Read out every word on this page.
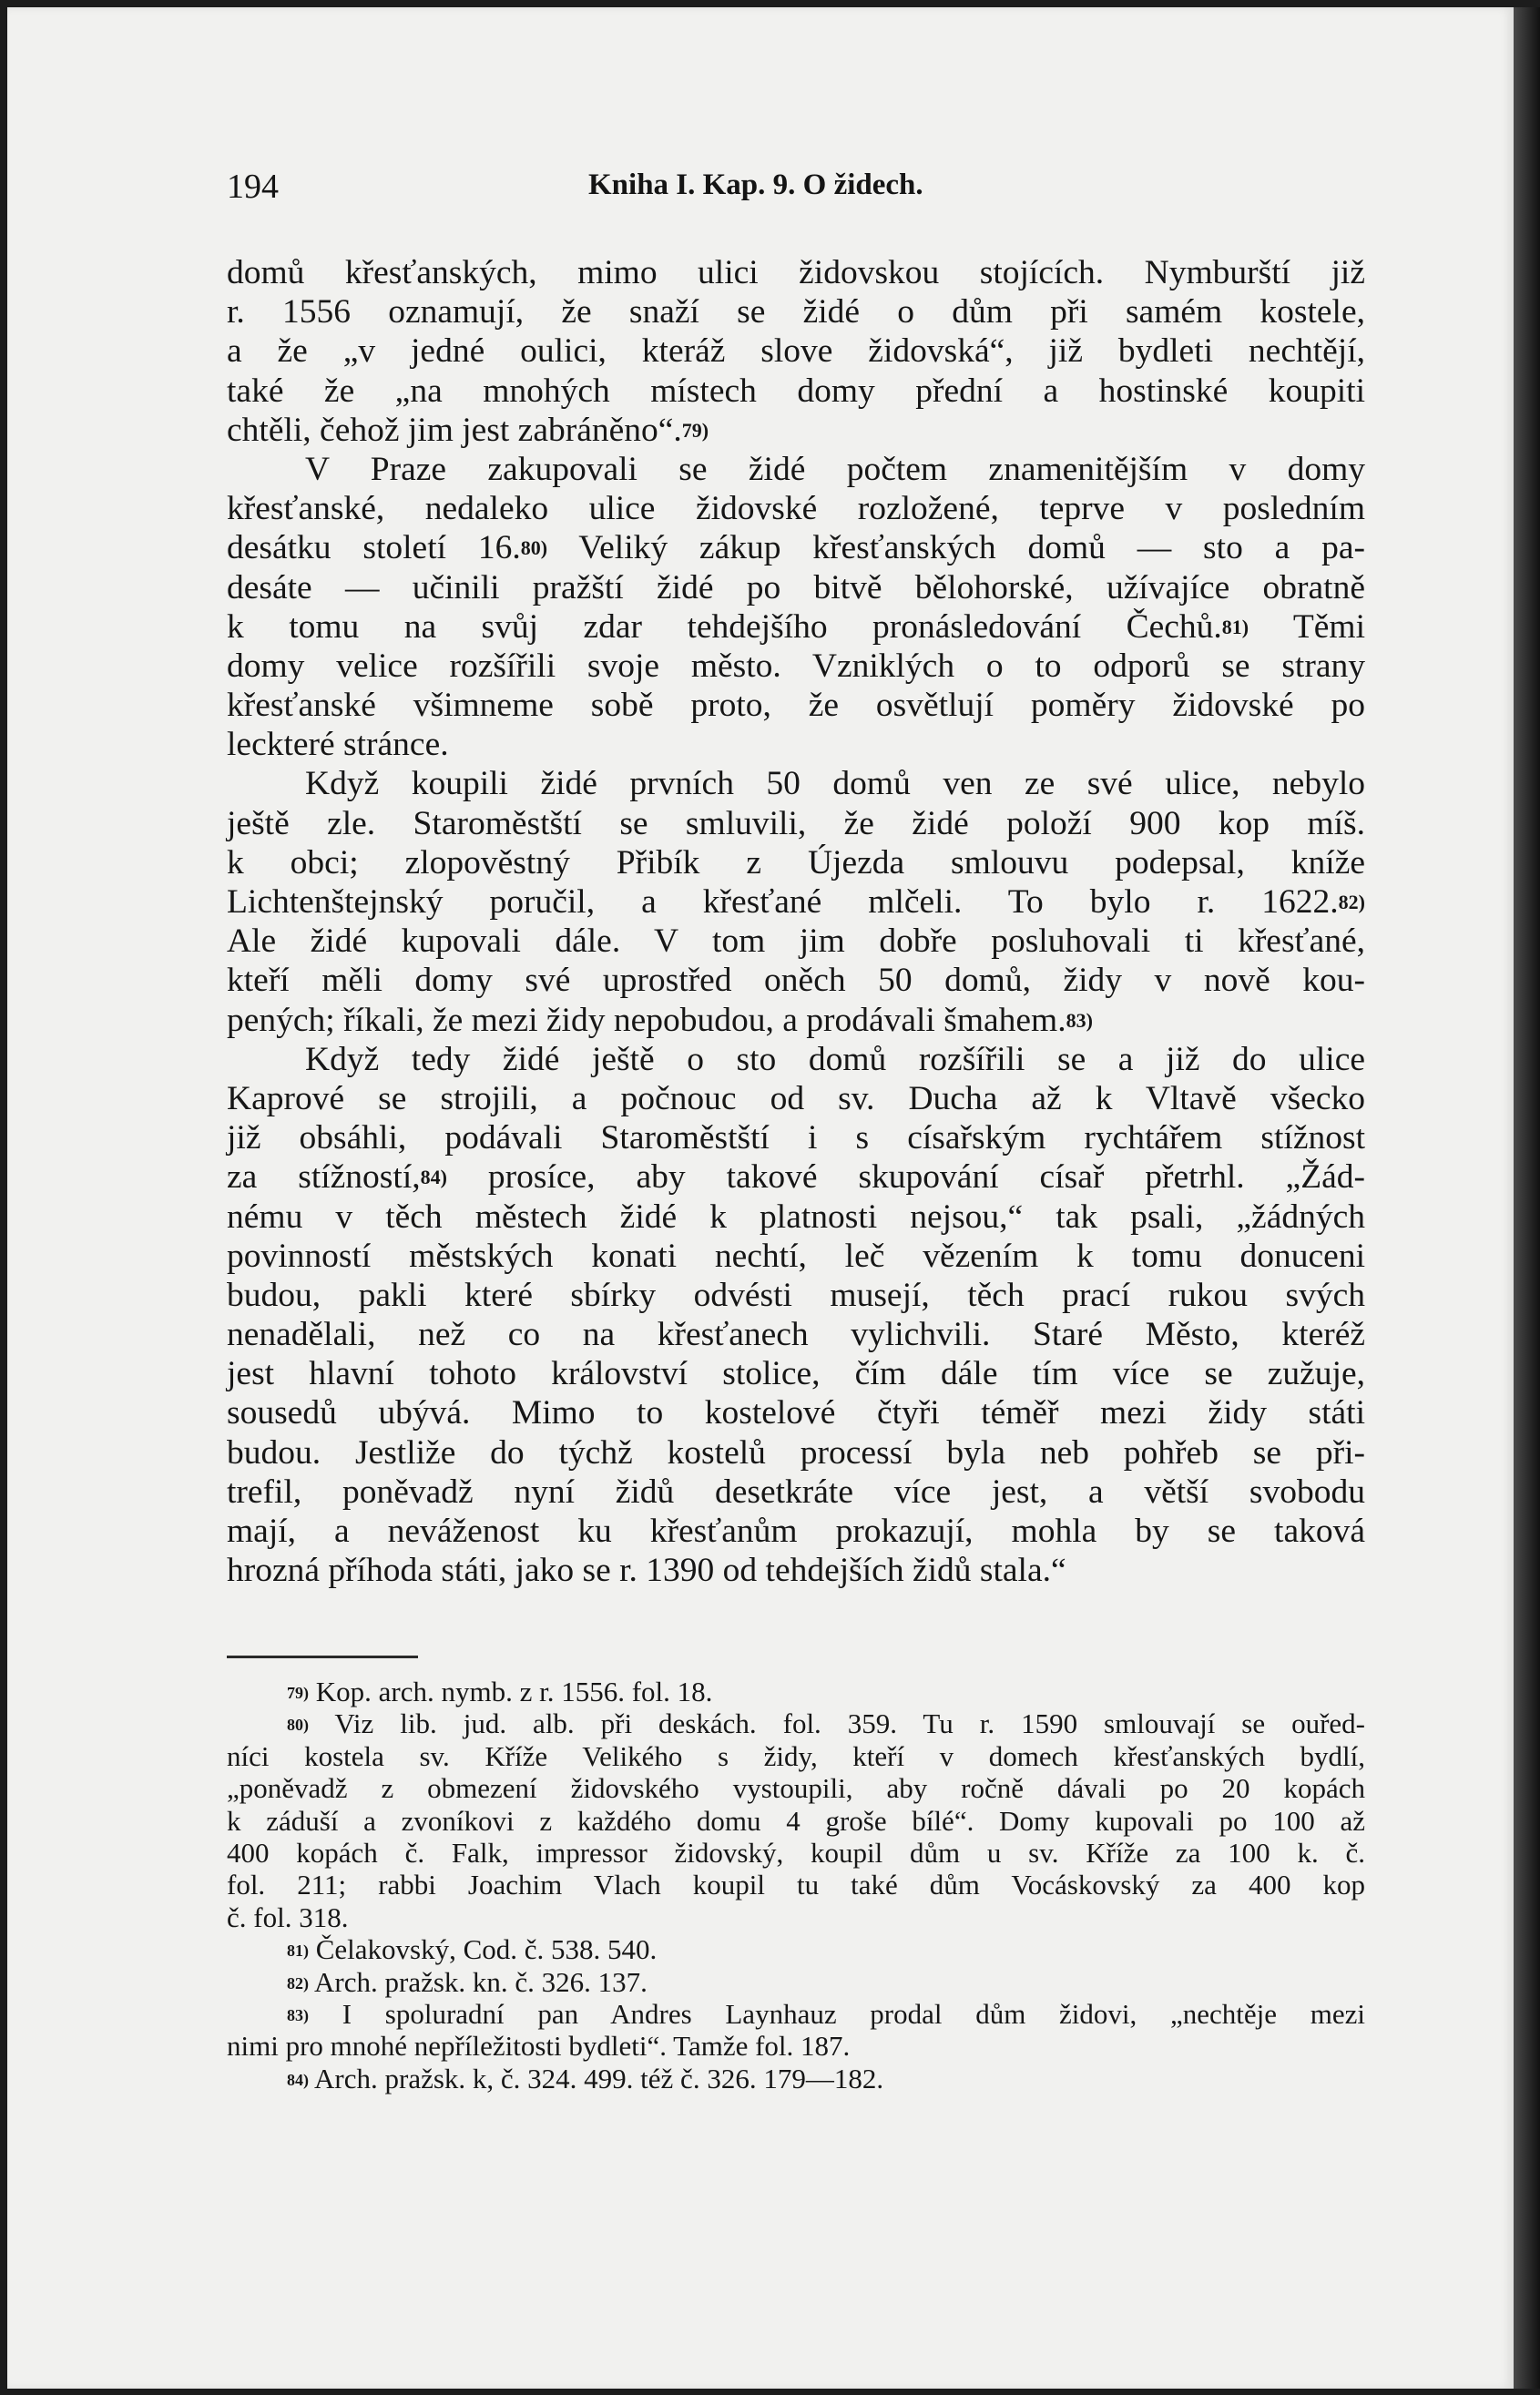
194	Kniha I. Kap. 9. O židech.
domů křesťanských, mimo ulici židovskou stojících. Nymburští již
r. 1556 oznamují, že snaží se židé o dům při samém kostele,
a že „v jedné oulici, kteráž slove židovská“, již bydleti nechtějí,
také že „na mnohých místech domy přední a hostinské koupiti
chtěli, čehož jim jest zabráněno“.$^{79)}$
V Praze zakupovali se židé počtem znamenitějším v domy
křesťanské, nedaleko ulice židovské rozložené, teprve v posledním
desátku století 16.$^{80)}$ Veliký zákup křesťanských domů — sto a pa-
desáte — učinili pražští židé po bitvě bělohorské, užívajíce obratně
k tomu na svůj zdar tehdejšího pronásledování Čechů.$^{81)}$ Těmi
domy velice rozšířili svoje město. Vzniklých o to odporů se strany
křesťanské všimneme sobě proto, že osvětlují poměry židovské po
leckteré stránce.
Když koupili židé prvních 50 domů ven ze své ulice, nebylo
ještě zle. Staroměstští se smluvili, že židé položí 900 kop míš.
k obci; zlopověstný Přibík z Újezda smlouvu podepsal, kníže
Lichtenštejnský poručil, a křesťané mlčeli. To bylo r. 1622.$^{82)}$
Ale židé kupovali dále. V tom jim dobře posluhovali ti křesťané,
kteří měli domy své uprostřed oněch 50 domů, židy v nově kou-
pených; říkali, že mezi židy nepobudou, a prodávali šmahem.$^{83)}$
Když tedy židé ještě o sto domů rozšířili se a již do ulice
Kaprové se strojili, a počnouc od sv. Ducha až k Vltavě všecko
již obsáhli, podávali Staroměstští i s císařským rychtářem stížnost
za stížností,$^{84)}$ prosíce, aby takové skupování císař přetrhl. „Žád-
nému v těch městech židé k platnosti nejsou,“ tak psali, „žádných
povinností městských konati nechtí, leč vězením k tomu donuceni
budou, pakli které sbírky odvésti musejí, těch prací rukou svých
nenadělali, než co na křesťanech vylichvili. Staré Město, kteréž
jest hlavní tohoto království stolice, čím dále tím více se zužuje,
sousedů ubývá. Mimo to kostelové čtyři téměř mezi židy státi
budou. Jestliže do týchž kostelů processí byla neb pohřeb se při-
trefil, poněvadž nyní židů desetkráte více jest, a větší svobodu
mají, a neváženost ku křesťanům prokazují, mohla by se taková
hrozná příhoda státi, jako se r. 1390 od tehdejších židů stala.“
$^{79)}$ Kop. arch. nymb. z r. 1556. fol. 18.
$^{80)}$ Viz lib. jud. alb. při deskách. fol. 359. Tu r. 1590 smlouvají se ouřed-
níci kostela sv. Kříže Velikého s židy, kteří v domech křesťanských bydlí,
„poněvadž z obmezení židovského vystoupili, aby ročně dávali po 20 kopách
k záduší a zvoníkovi z každého domu 4 groše bílé“. Domy kupovali po 100 až
400 kopách č. Falk, impressor židovský, koupil dům u sv. Kříže za 100 k. č.
fol. 211; rabbi Joachim Vlach koupil tu také dům Vocáskovský za 400 kop
č. fol. 318.
$^{81)}$ Čelakovský, Cod. č. 538. 540.
$^{82)}$ Arch. pražsk. kn. č. 326. 137.
$^{83)}$ I spoluradní pan Andres Laynhauz prodal dům židovi, „nechtěje mezi
nimi pro mnohé nepříležitosti bydleti“. Tamže fol. 187.
$^{84)}$ Arch. pražsk. k, č. 324. 499. též č. 326. 179—182.
